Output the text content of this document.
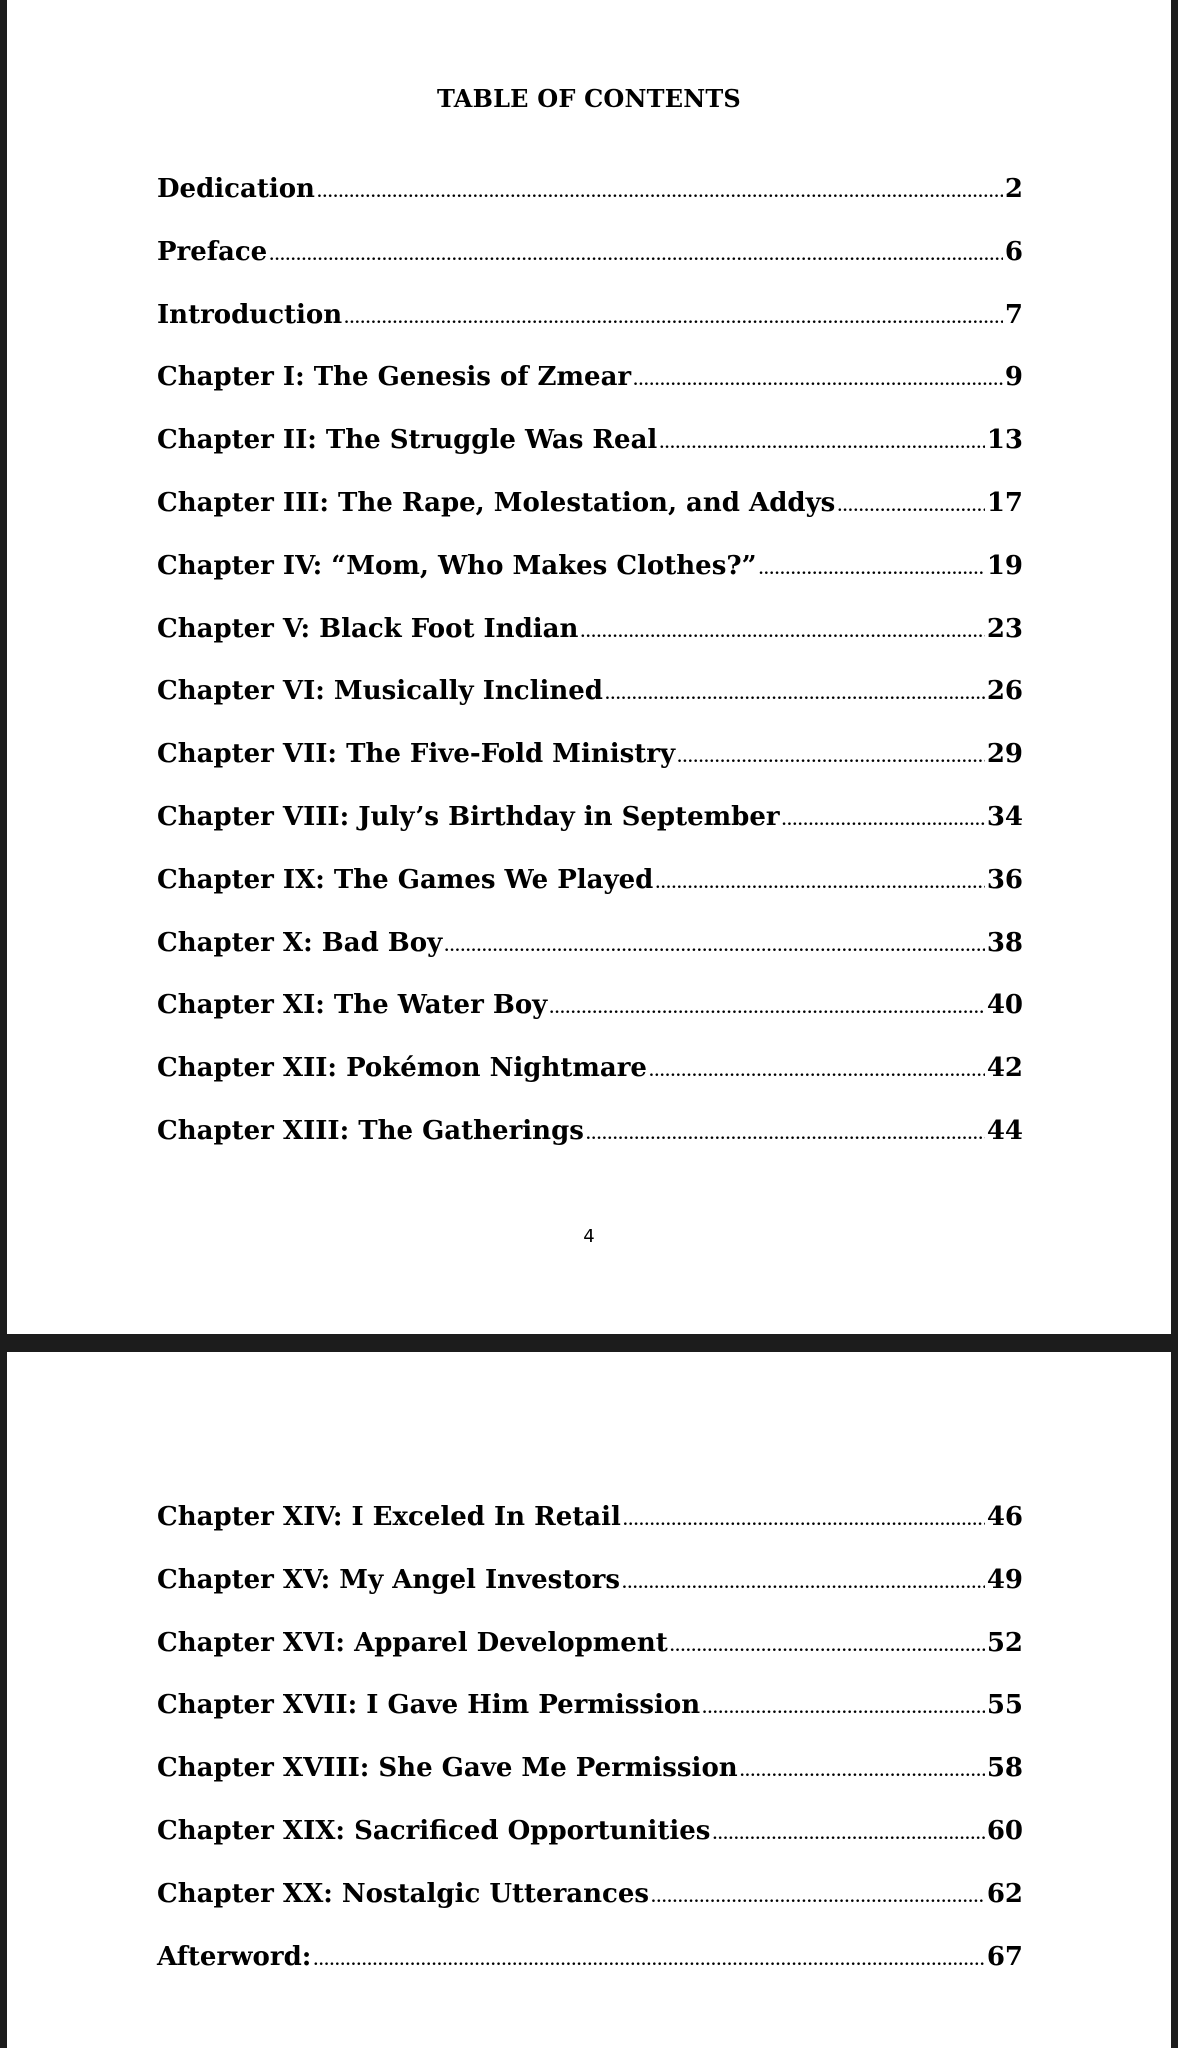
TABLE OF CONTENTS
Dedication .....	2
Preface .....	6
Introduction .....	7
Chapter I: The Genesis of Zmear .....	9
Chapter II: The Struggle Was Real .....	13
Chapter III: The Rape, Molestation, and Addys .....	17
Chapter IV: “Mom, Who Makes Clothes?” .....	19
Chapter V: Black Foot Indian .....	23
Chapter VI: Musically Inclined .....	26
Chapter VII: The Five-Fold Ministry .....	29
Chapter VIII: July’s Birthday in September .....	34
Chapter IX: The Games We Played .....	36
Chapter X: Bad Boy .....	38
Chapter XI: The Water Boy .....	40
Chapter XII: Pokémon Nightmare .....	42
Chapter XIII: The Gatherings .....	44
4
Chapter XIV: I Exceled In Retail .....	46
Chapter XV: My Angel Investors .....	49
Chapter XVI: Apparel Development .....	52
Chapter XVII: I Gave Him Permission .....	55
Chapter XVIII: She Gave Me Permission .....	58
Chapter XIX: Sacrificed Opportunities .....	60
Chapter XX: Nostalgic Utterances .....	62
Afterword: .....	67
